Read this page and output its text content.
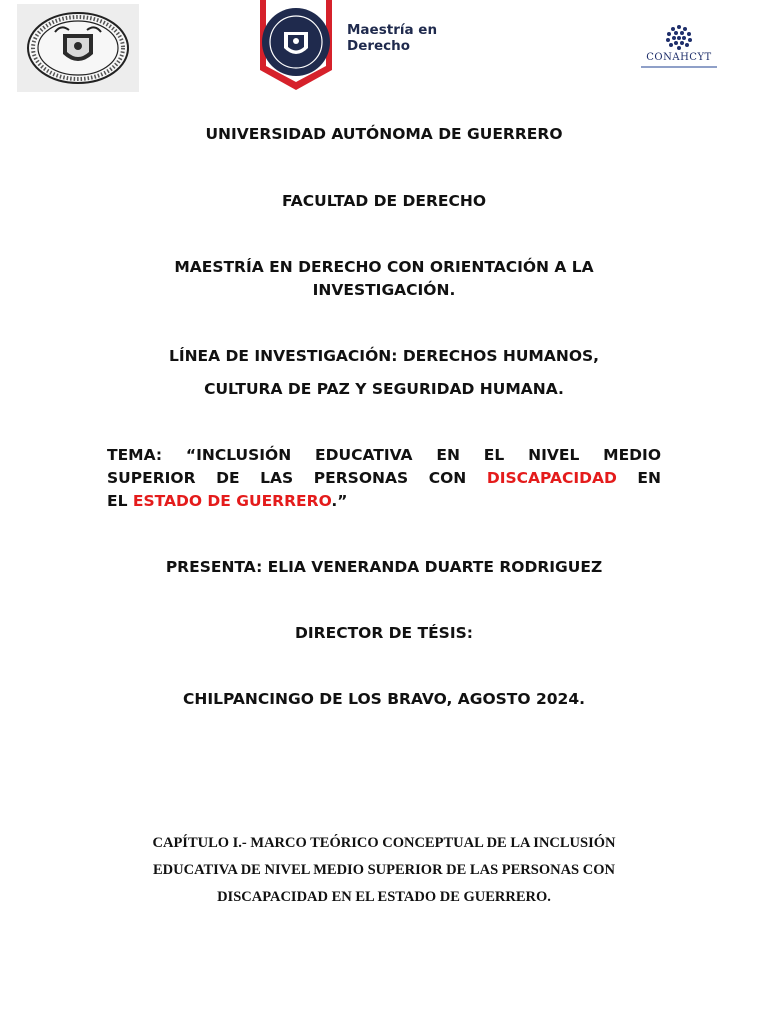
Maestría en
Derecho
CONAHCYT
UNIVERSIDAD AUTÓNOMA DE GUERRERO
FACULTAD DE DERECHO
MAESTRÍA EN DERECHO CON ORIENTACIÓN A LA
INVESTIGACIÓN.
LÍNEA DE INVESTIGACIÓN: DERECHOS HUMANOS,
CULTURA DE PAZ Y SEGURIDAD HUMANA.
TEMA: “INCLUSIÓN EDUCATIVA EN EL NIVEL MEDIO
SUPERIOR DE LAS PERSONAS CON DISCAPACIDAD EN
EL ESTADO DE GUERRERO.”
PRESENTA: ELIA VENERANDA DUARTE RODRIGUEZ
DIRECTOR DE TÉSIS:
CHILPANCINGO DE LOS BRAVO, AGOSTO 2024.
CAPÍTULO I.- MARCO TEÓRICO CONCEPTUAL DE LA INCLUSIÓN
EDUCATIVA DE NIVEL MEDIO SUPERIOR DE LAS PERSONAS CON
DISCAPACIDAD EN EL ESTADO DE GUERRERO.
